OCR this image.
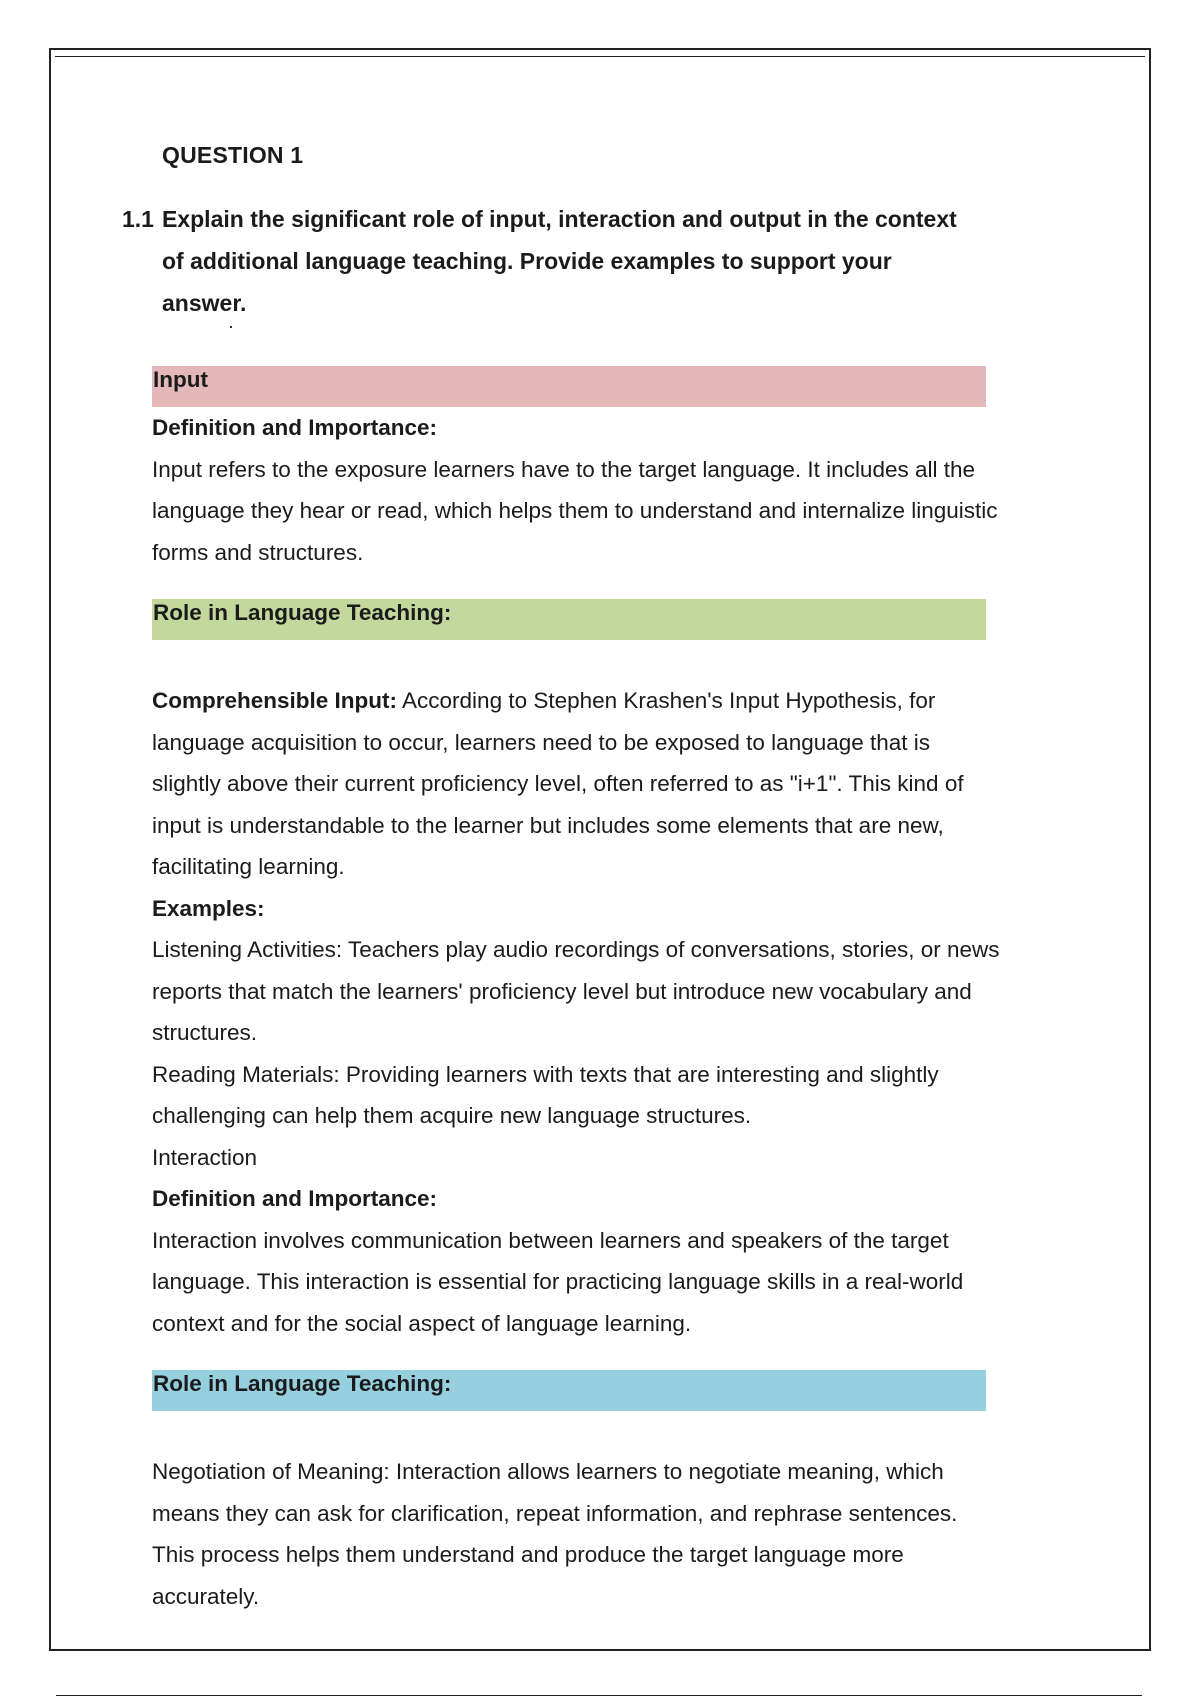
QUESTION 1
1.1 Explain the significant role of input, interaction and output in the context of additional language teaching. Provide examples to support your answer.
Input
Definition and Importance:

Input refers to the exposure learners have to the target language. It includes all the language they hear or read, which helps them to understand and internalize linguistic forms and structures.

Role in Language Teaching:

Comprehensible Input: According to Stephen Krashen's Input Hypothesis, for language acquisition to occur, learners need to be exposed to language that is slightly above their current proficiency level, often referred to as "i+1". This kind of input is understandable to the learner but includes some elements that are new, facilitating learning.

Examples:

Listening Activities: Teachers play audio recordings of conversations, stories, or news reports that match the learners' proficiency level but introduce new vocabulary and structures.

Reading Materials: Providing learners with texts that are interesting and slightly challenging can help them acquire new language structures.

Interaction
Definition and Importance:

Interaction involves communication between learners and speakers of the target language. This interaction is essential for practicing language skills in a real-world context and for the social aspect of language learning.

Role in Language Teaching:

Negotiation of Meaning: Interaction allows learners to negotiate meaning, which means they can ask for clarification, repeat information, and rephrase sentences. This process helps them understand and produce the target language more accurately.
